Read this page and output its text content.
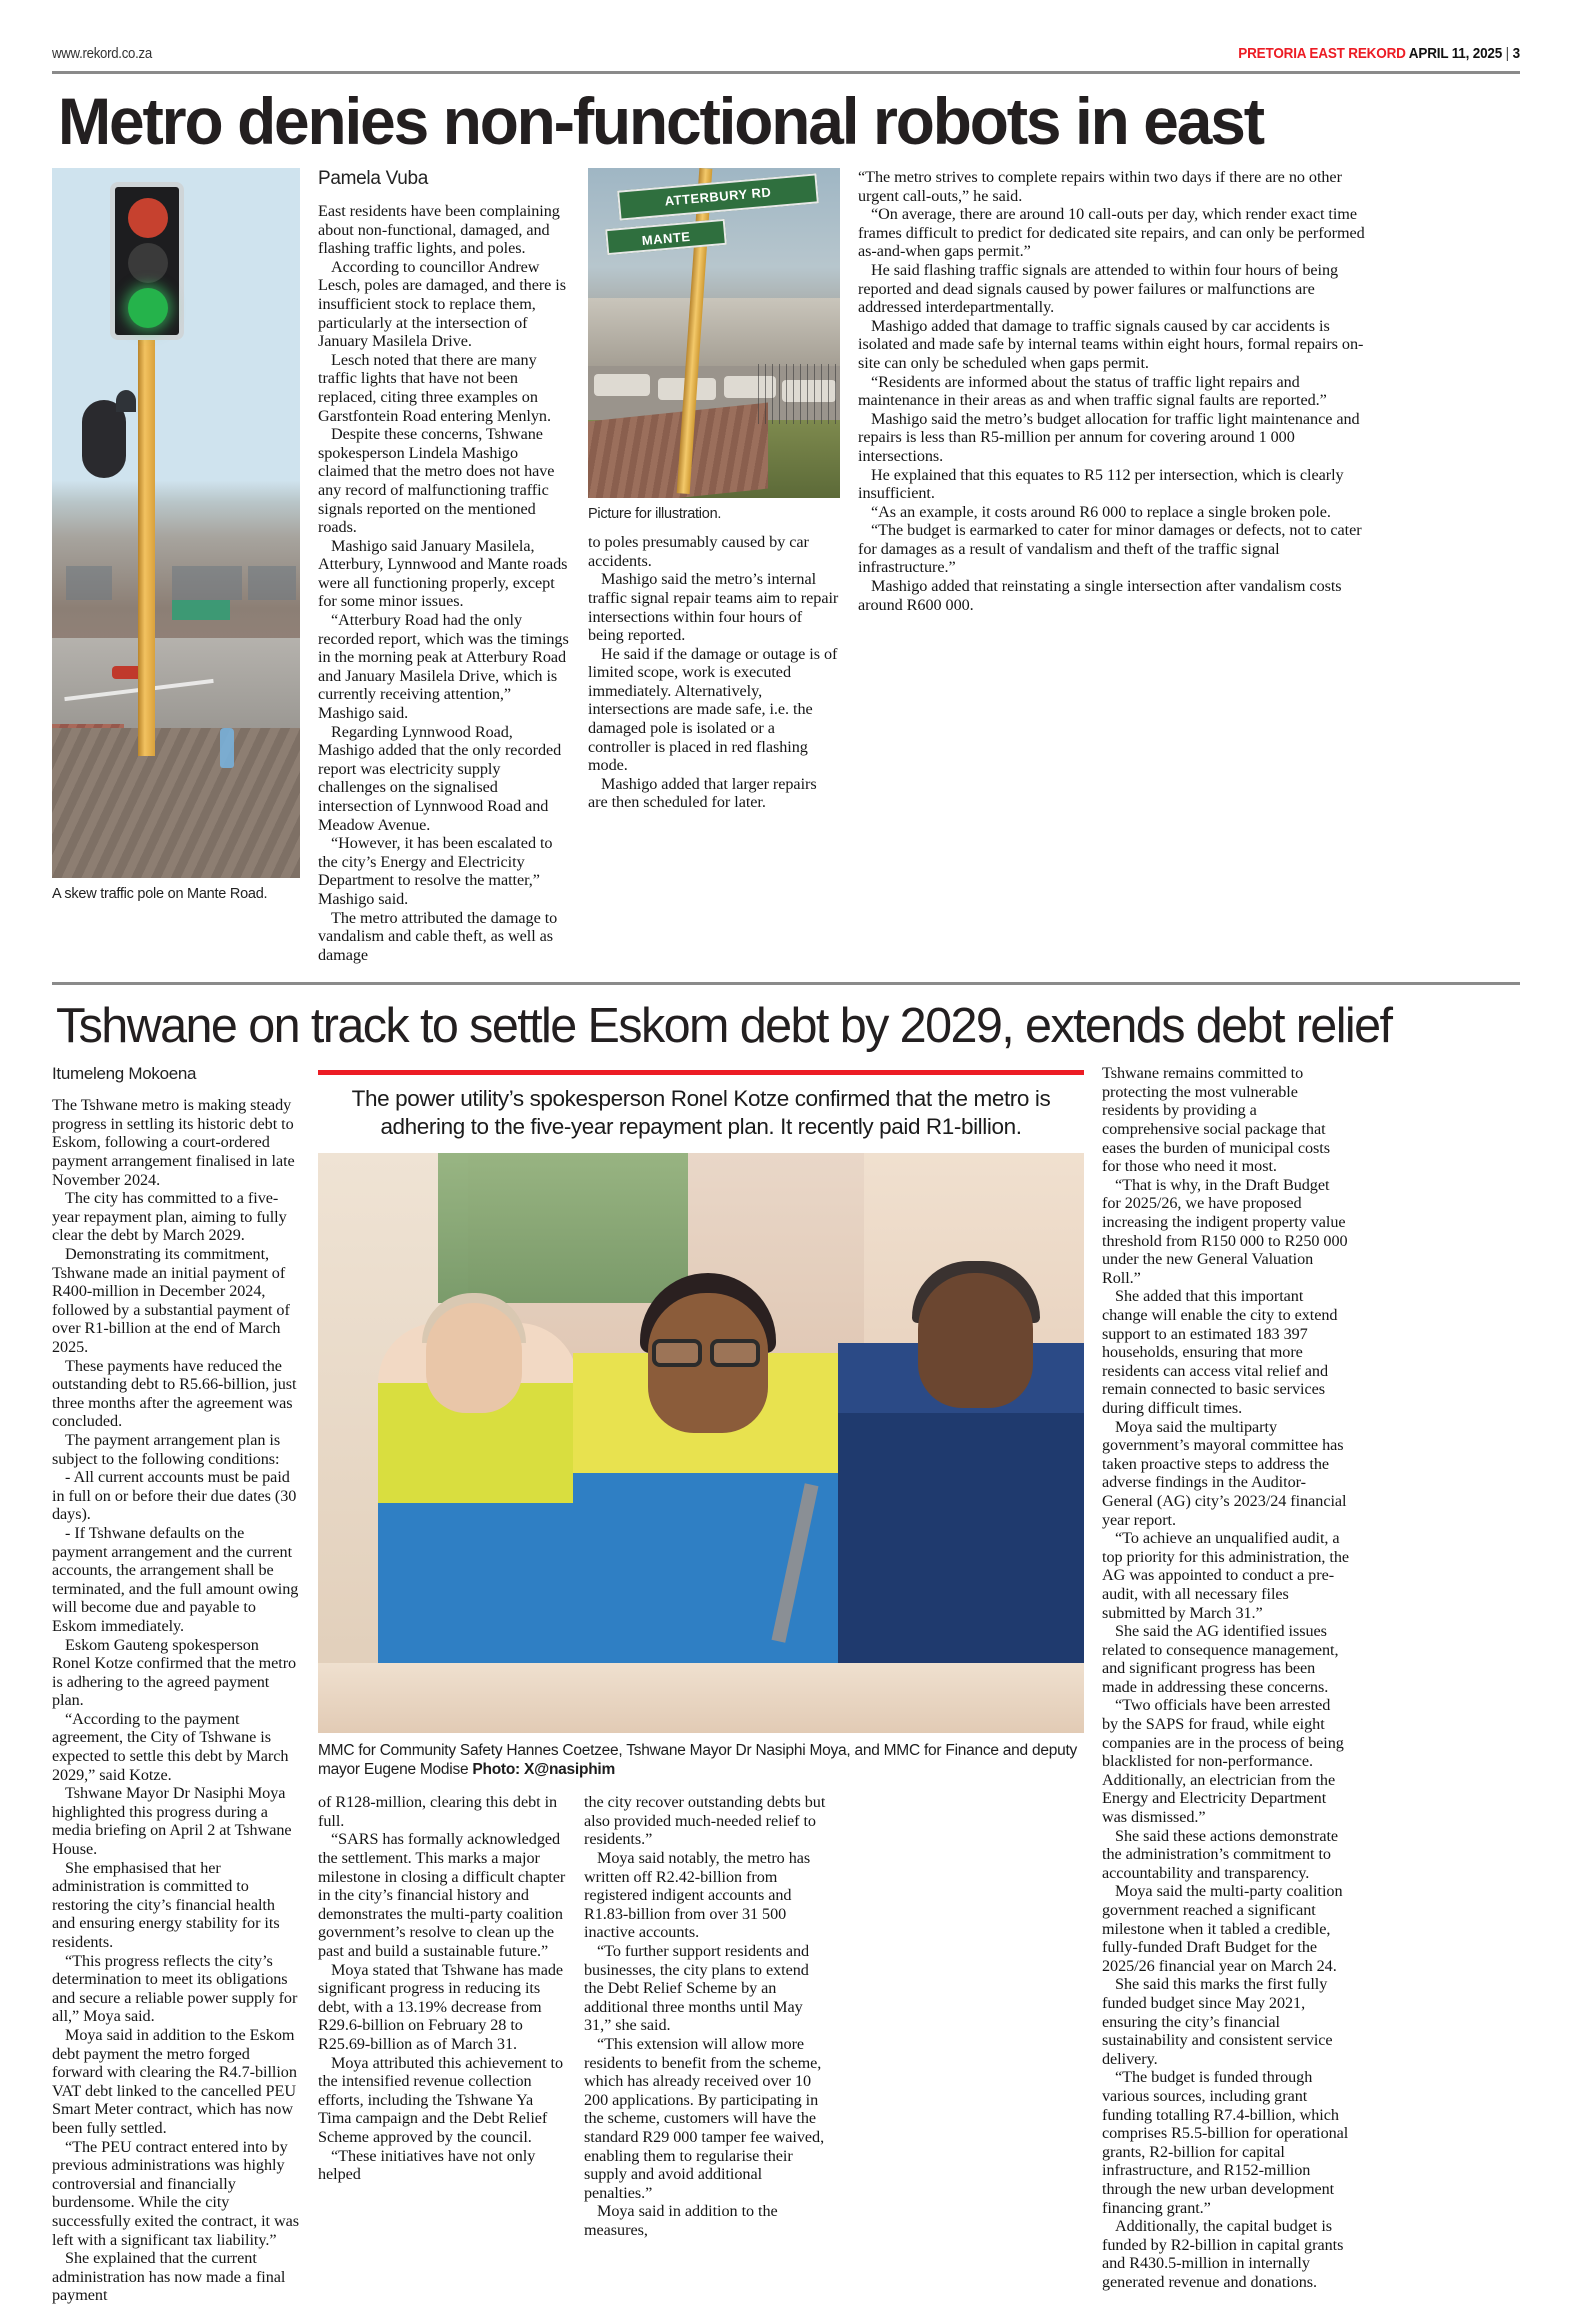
www.rekord.co.za	PRETORIA EAST REKORD APRIL 11, 2025 | 3
Metro denies non-functional robots in east
A skew traffic pole on Mante Road.
Pamela Vuba

East residents have been complaining about non-functional, damaged, and flashing traffic lights, and poles.

According to councillor Andrew Lesch, poles are damaged, and there is insufficient stock to replace them, particularly at the intersection of January Masilela Drive.

Lesch noted that there are many traffic lights that have not been replaced, citing three examples on Garstfontein Road entering Menlyn.

Despite these concerns, Tshwane spokesperson Lindela Mashigo claimed that the metro does not have any record of malfunctioning traffic signals reported on the mentioned roads.

Mashigo said January Masilela, Atterbury, Lynnwood and Mante roads were all functioning properly, except for some minor issues.

“Atterbury Road had the only recorded report, which was the timings in the morning peak at Atterbury Road and January Masilela Drive, which is currently receiving attention,” Mashigo said.

Regarding Lynnwood Road, Mashigo added that the only recorded report was electricity supply challenges on the signalised intersection of Lynnwood Road and Meadow Avenue.

“However, it has been escalated to the city’s Energy and Electricity Department to resolve the matter,” Mashigo said.

The metro attributed the damage to vandalism and cable theft, as well as damage

ATTERBURY RD
MANTE
Picture for illustration.

to poles presumably caused by car accidents.

Mashigo said the metro’s internal traffic signal repair teams aim to repair intersections within four hours of being reported.

He said if the damage or outage is of limited scope, work is executed immediately. Alternatively, intersections are made safe, i.e. the damaged pole is isolated or a controller is placed in red flashing mode.

Mashigo added that larger repairs are then scheduled for later.

“The metro strives to complete repairs within two days if there are no other urgent call-outs,” he said.

“On average, there are around 10 call-outs per day, which render exact time frames difficult to predict for dedicated site repairs, and can only be performed as-and-when gaps permit.”

He said flashing traffic signals are attended to within four hours of being reported and dead signals caused by power failures or malfunctions are addressed interdepartmentally.

Mashigo added that damage to traffic signals caused by car accidents is isolated and made safe by internal teams within eight hours, formal repairs on-site can only be scheduled when gaps permit.

“Residents are informed about the status of traffic light repairs and maintenance in their areas as and when traffic signal faults are reported.”

Mashigo said the metro’s budget allocation for traffic light maintenance and repairs is less than R5-million per annum for covering around 1 000 intersections.

He explained that this equates to R5 112 per intersection, which is clearly insufficient.

“As an example, it costs around R6 000 to replace a single broken pole.

“The budget is earmarked to cater for minor damages or defects, not to cater for damages as a result of vandalism and theft of the traffic signal infrastructure.”

Mashigo added that reinstating a single intersection after vandalism costs around R600 000.

Tshwane on track to settle Eskom debt by 2029, extends debt relief
Itumeleng Mokoena

The Tshwane metro is making steady progress in settling its historic debt to Eskom, following a court-ordered payment arrangement finalised in late November 2024.

The city has committed to a five-year repayment plan, aiming to fully clear the debt by March 2029.

Demonstrating its commitment, Tshwane made an initial payment of R400-million in December 2024, followed by a substantial payment of over R1-billion at the end of March 2025.

These payments have reduced the outstanding debt to R5.66-billion, just three months after the agreement was concluded.

The payment arrangement plan is subject to the following conditions:

- All current accounts must be paid in full on or before their due dates (30 days).

- If Tshwane defaults on the payment arrangement and the current accounts, the arrangement shall be terminated, and the full amount owing will become due and payable to Eskom immediately.

Eskom Gauteng spokesperson Ronel Kotze confirmed that the metro is adhering to the agreed payment plan.

“According to the payment agreement, the City of Tshwane is expected to settle this debt by March 2029,” said Kotze.

Tshwane Mayor Dr Nasiphi Moya highlighted this progress during a media briefing on April 2 at Tshwane House.

She emphasised that her administration is committed to restoring the city’s financial health and ensuring energy stability for its residents.

“This progress reflects the city’s determination to meet its obligations and secure a reliable power supply for all,” Moya said.

Moya said in addition to the Eskom debt payment the metro forged forward with clearing the R4.7-billion VAT debt linked to the cancelled PEU Smart Meter contract, which has now been fully settled.

“The PEU contract entered into by previous administrations was highly controversial and financially burdensome. While the city successfully exited the contract, it was left with a significant tax liability.”

She explained that the current administration has now made a final payment

The power utility’s spokesperson Ronel Kotze confirmed that the metro is adhering to the five-year repayment plan. It recently paid R1-billion.
MMC for Community Safety Hannes Coetzee, Tshwane Mayor Dr Nasiphi Moya, and MMC for Finance and deputy mayor Eugene Modise Photo: X@nasiphim

of R128-million, clearing this debt in full.

“SARS has formally acknowledged the settlement. This marks a major milestone in closing a difficult chapter in the city’s financial history and demonstrates the multi-party coalition government’s resolve to clean up the past and build a sustainable future.”

Moya stated that Tshwane has made significant progress in reducing its debt, with a 13.19% decrease from R29.6-billion on February 28 to R25.69-billion as of March 31.

Moya attributed this achievement to the intensified revenue collection efforts, including the Tshwane Ya Tima campaign and the Debt Relief Scheme approved by the council.

“These initiatives have not only helped

the city recover outstanding debts but also provided much-needed relief to residents.”

Moya said notably, the metro has written off R2.42-billion from registered indigent accounts and R1.83-billion from over 31 500 inactive accounts.

“To further support residents and businesses, the city plans to extend the Debt Relief Scheme by an additional three months until May 31,” she said.

“This extension will allow more residents to benefit from the scheme, which has already received over 10 200 applications. By participating in the scheme, customers will have the standard R29 000 tamper fee waived, enabling them to regularise their supply and avoid additional penalties.”

Moya said in addition to the measures,

Tshwane remains committed to protecting the most vulnerable residents by providing a comprehensive social package that eases the burden of municipal costs for those who need it most.

“That is why, in the Draft Budget for 2025/26, we have proposed increasing the indigent property value threshold from R150 000 to R250 000 under the new General Valuation Roll.”

She added that this important change will enable the city to extend support to an estimated 183 397 households, ensuring that more residents can access vital relief and remain connected to basic services during difficult times.

Moya said the multiparty government’s mayoral committee has taken proactive steps to address the adverse findings in the Auditor-General (AG) city’s 2023/24 financial year report.

“To achieve an unqualified audit, a top priority for this administration, the AG was appointed to conduct a pre-audit, with all necessary files submitted by March 31.”

She said the AG identified issues related to consequence management, and significant progress has been made in addressing these concerns.

“Two officials have been arrested by the SAPS for fraud, while eight companies are in the process of being blacklisted for non-performance. Additionally, an electrician from the Energy and Electricity Department was dismissed.”

She said these actions demonstrate the administration’s commitment to accountability and transparency.

Moya said the multi-party coalition government reached a significant milestone when it tabled a credible, fully-funded Draft Budget for the 2025/26 financial year on March 24.

She said this marks the first fully funded budget since May 2021, ensuring the city’s financial sustainability and consistent service delivery.

“The budget is funded through various sources, including grant funding totalling R7.4-billion, which comprises R5.5-billion for operational grants, R2-billion for capital infrastructure, and R152-million through the new urban development financing grant.”

Additionally, the capital budget is funded by R2-billion in capital grants and R430.5-million in internally generated revenue and donations.
